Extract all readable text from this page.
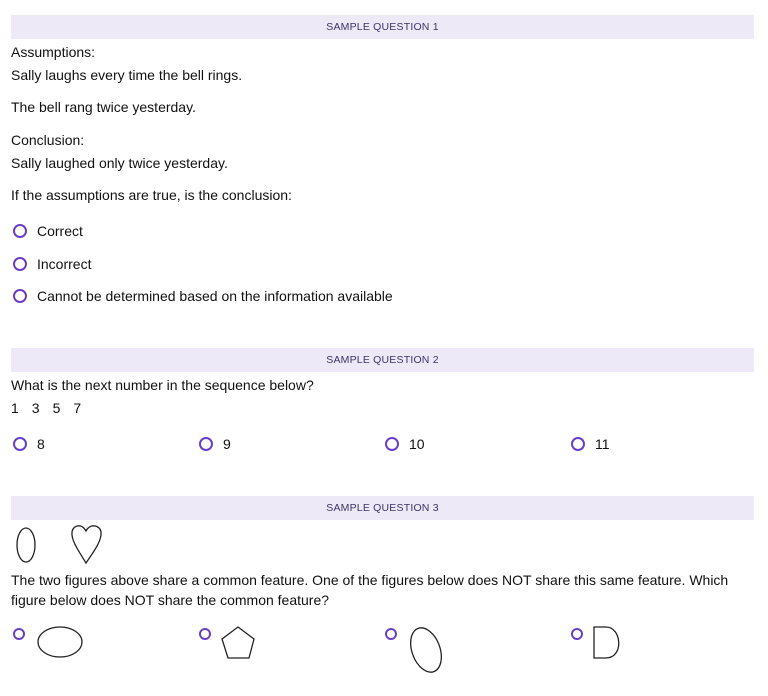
SAMPLE QUESTION 1
Assumptions:
Sally laughs every time the bell rings.
The bell rang twice yesterday.
Conclusion:
Sally laughed only twice yesterday.
If the assumptions are true, is the conclusion:
Correct
Incorrect
Cannot be determined based on the information available
SAMPLE QUESTION 2
What is the next number in the sequence below?
1 3 5 7
8	9	10	11
SAMPLE QUESTION 3
The two figures above share a common feature. One of the figures below does NOT share this same feature. Which
figure below does NOT share the common feature?
